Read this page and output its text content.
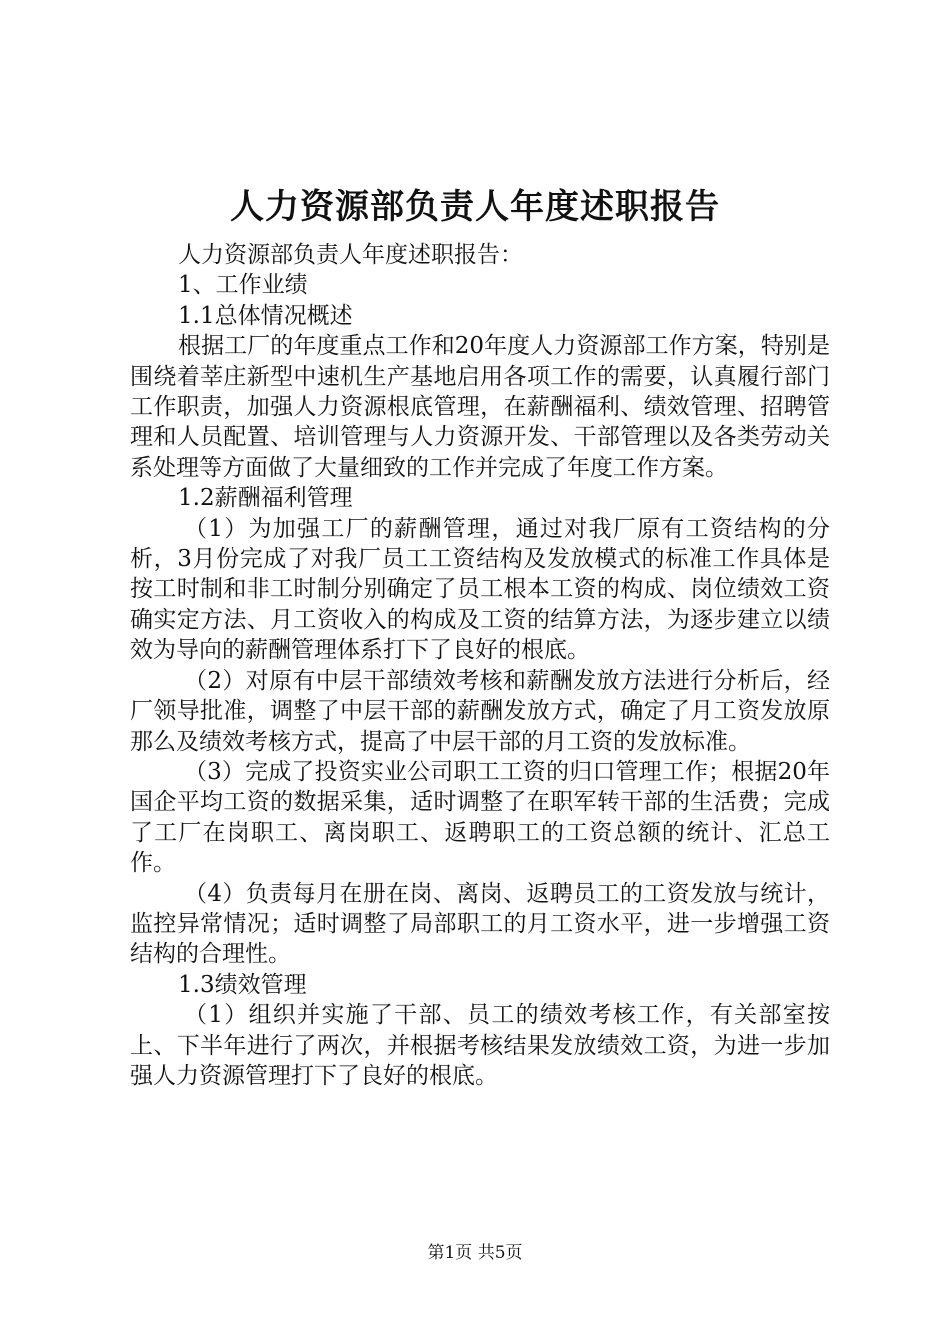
人力资源部负责人年度述职报告

人力资源部负责人年度述职报告：

1、工作业绩

1.1总体情况概述

根据工厂的年度重点工作和20年度人力资源部工作方案，特别是围绕着莘庄新型中速机生产基地启用各项工作的需要，认真履行部门工作职责，加强人力资源根底管理，在薪酬福利、绩效管理、招聘管理和人员配置、培训管理与人力资源开发、干部管理以及各类劳动关系处理等方面做了大量细致的工作并完成了年度工作方案。

1.2薪酬福利管理

（1）为加强工厂的薪酬管理，通过对我厂原有工资结构的分析，3月份完成了对我厂员工工资结构及发放模式的标准工作具体是按工时制和非工时制分别确定了员工根本工资的构成、岗位绩效工资确实定方法、月工资收入的构成及工资的结算方法，为逐步建立以绩效为导向的薪酬管理体系打下了良好的根底。

（2）对原有中层干部绩效考核和薪酬发放方法进行分析后，经厂领导批准，调整了中层干部的薪酬发放方式，确定了月工资发放原那么及绩效考核方式，提高了中层干部的月工资的发放标准。

（3）完成了投资实业公司职工工资的归口管理工作；根据20年国企平均工资的数据采集，适时调整了在职军转干部的生活费；完成了工厂在岗职工、离岗职工、返聘职工的工资总额的统计、汇总工作。

（4）负责每月在册在岗、离岗、返聘员工的工资发放与统计，监控异常情况；适时调整了局部职工的月工资水平，进一步增强工资结构的合理性。

1.3绩效管理

（1）组织并实施了干部、员工的绩效考核工作，有关部室按上、下半年进行了两次，并根据考核结果发放绩效工资，为进一步加强人力资源管理打下了良好的根底。

第1页 共5页
